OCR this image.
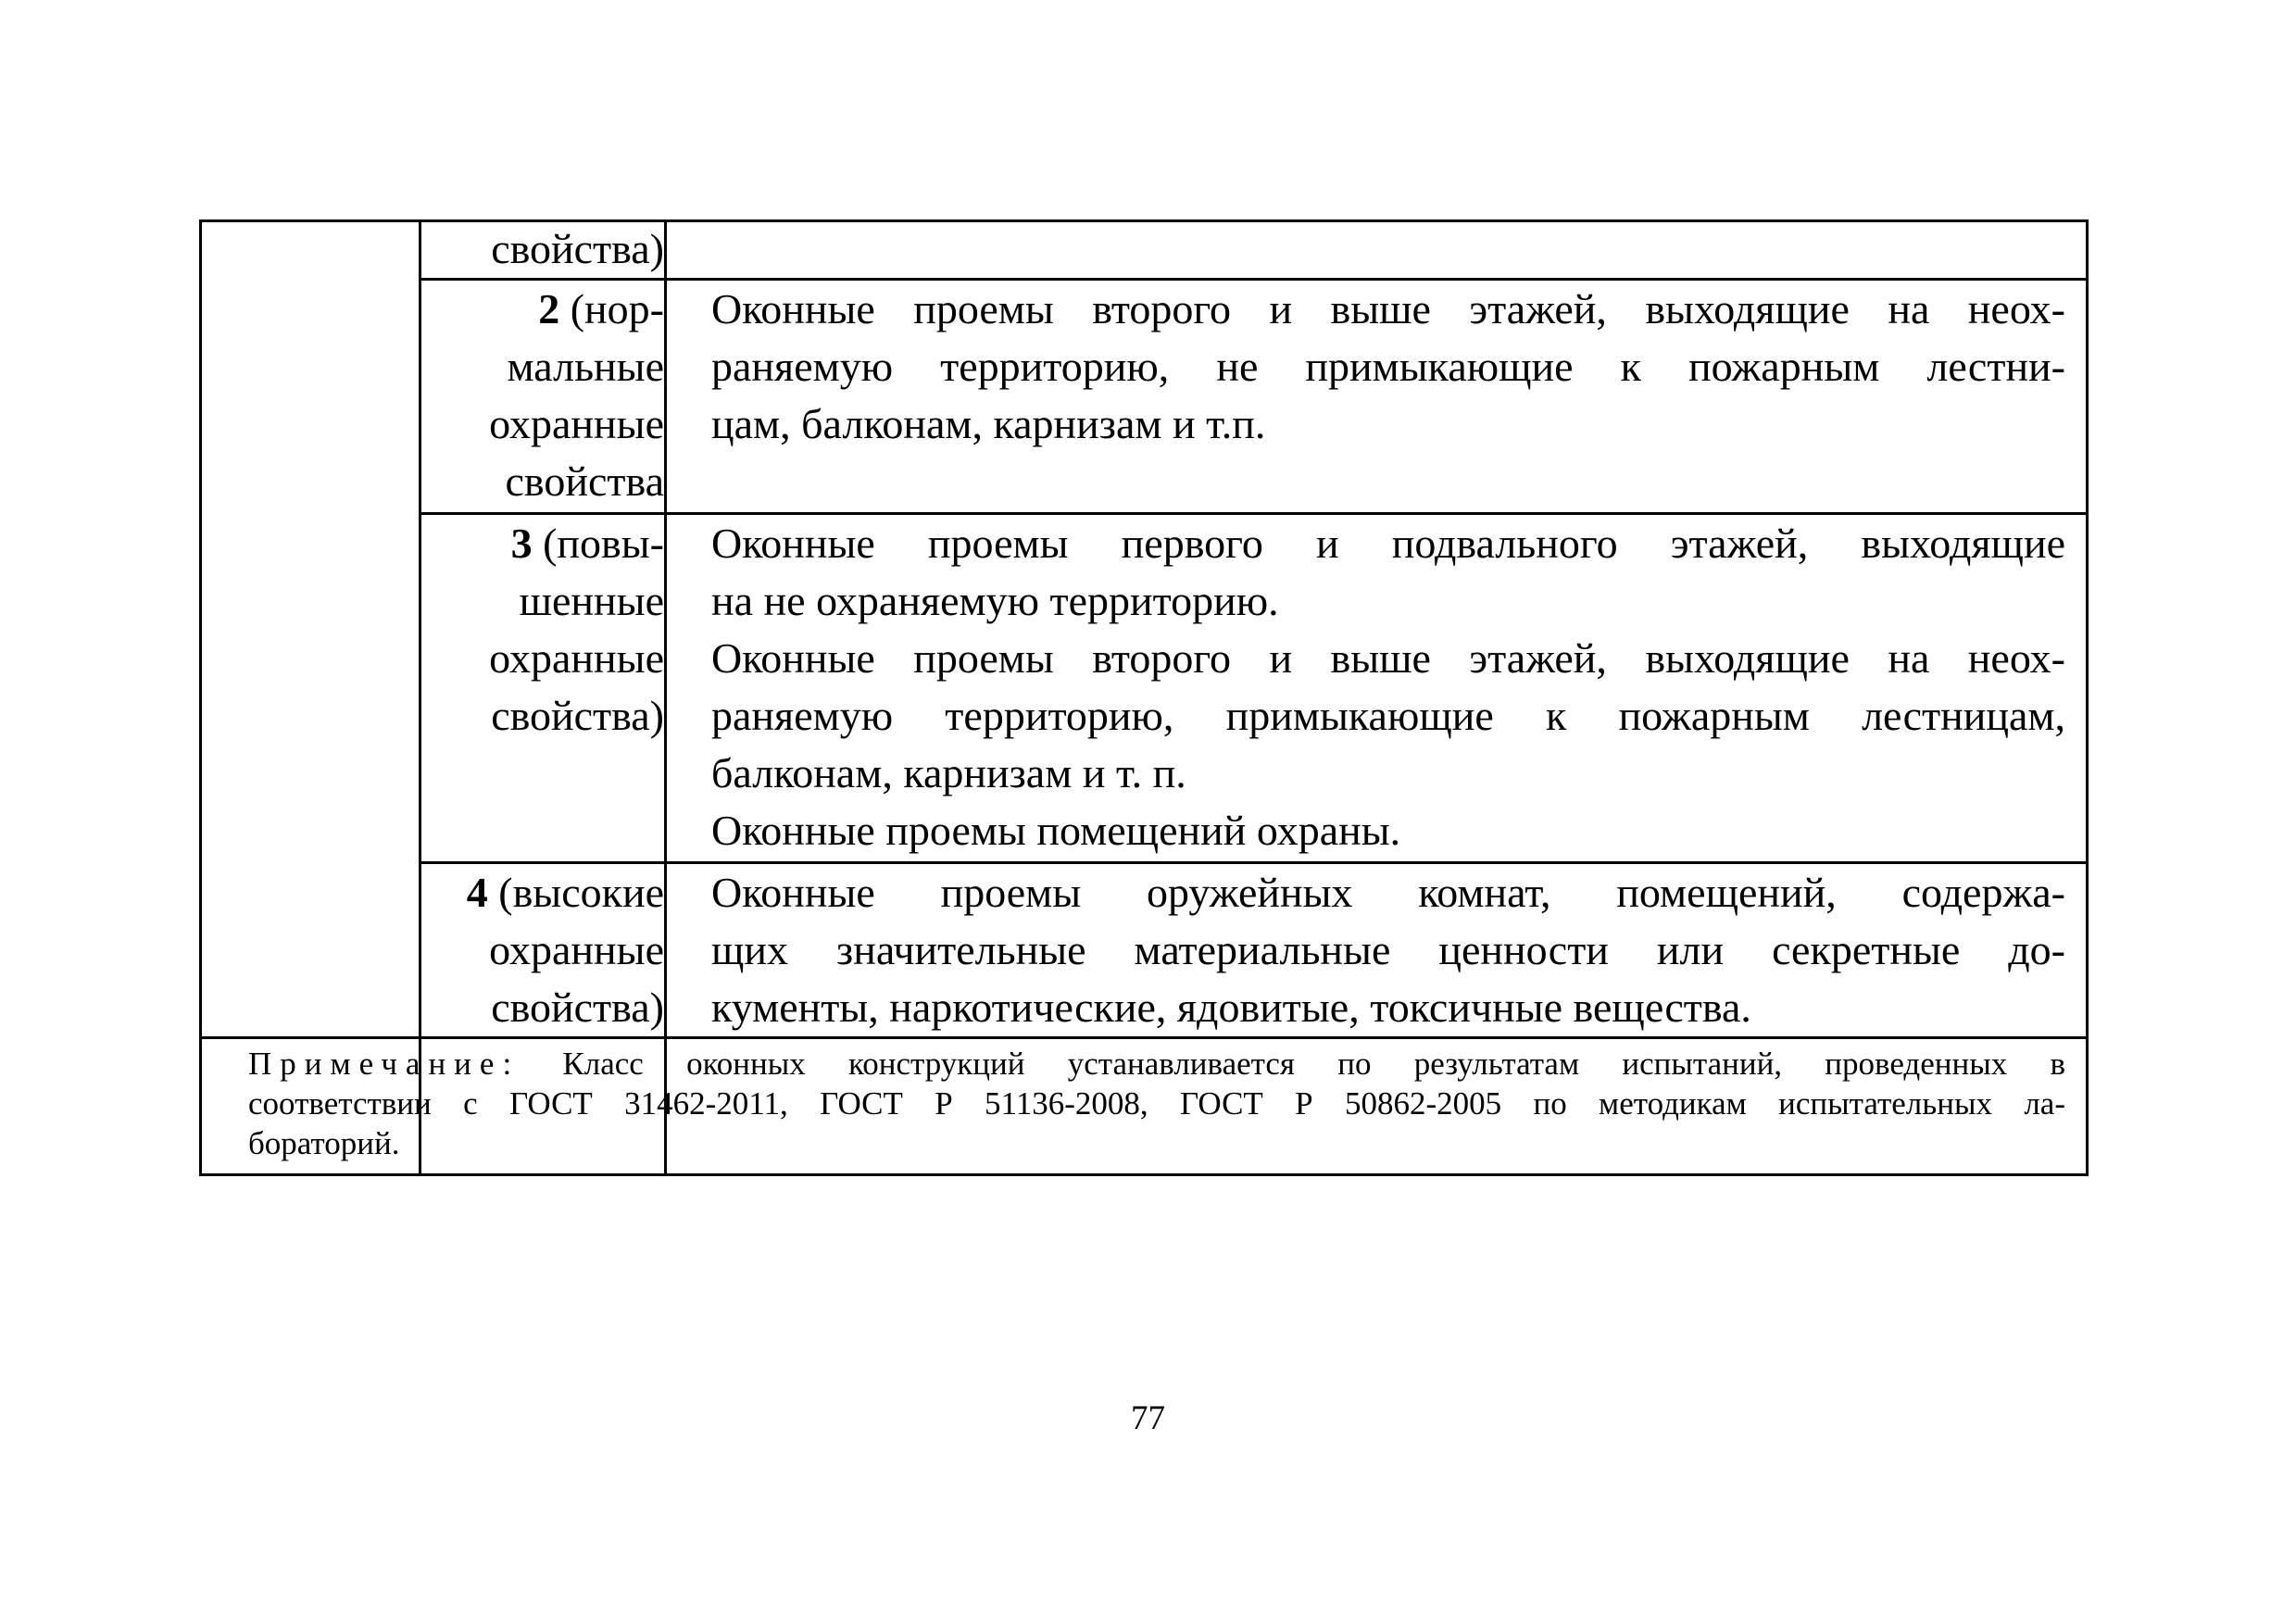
свойства)
2 (нор-
мальные
охранные
свойства
Оконные проемы второго и выше этажей, выходящие на неох-
раняемую территорию, не примыкающие к пожарным лестни-
цам, балконам, карнизам и т.п.
3 (повы-
шенные
охранные
свойства)
Оконные проемы первого и подвального этажей, выходящие
на не охраняемую территорию.
Оконные проемы второго и выше этажей, выходящие на неох-
раняемую территорию, примыкающие к пожарным лестницам,
балконам, карнизам и т. п.
Оконные проемы помещений охраны.
4 (высокие
охранные
свойства)
Оконные проемы оружейных комнат, помещений, содержа-
щих значительные материальные ценности или секретные до-
кументы, наркотические, ядовитые, токсичные вещества.
Примечание: Класс оконных конструкций устанавливается по результатам испытаний, проведенных в
соответствии с ГОСТ 31462-2011, ГОСТ Р 51136-2008, ГОСТ Р 50862-2005 по методикам испытательных ла-
бораторий.
77
